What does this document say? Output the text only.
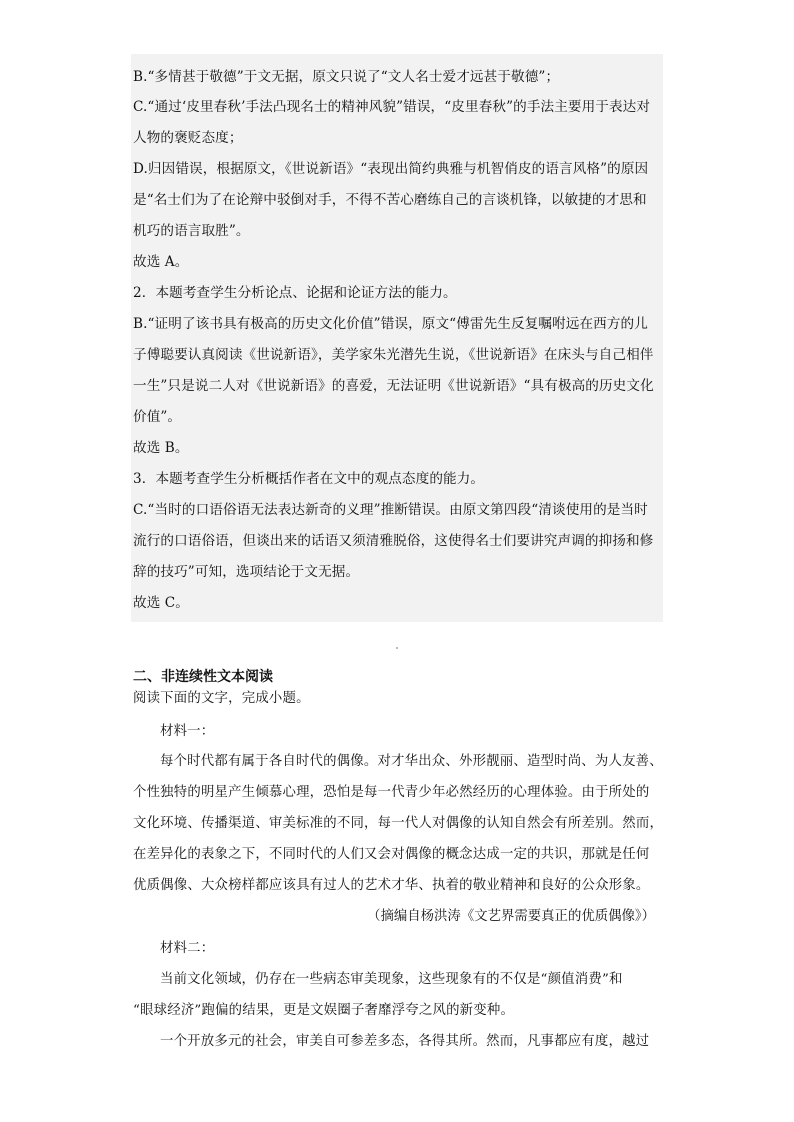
B.“多情甚于敬德”于文无据，原文只说了“文人名士爱才远甚于敬德”；
C.“通过‘皮里春秋’手法凸现名士的精神风貌”错误，“皮里春秋”的手法主要用于表达对
人物的褒贬态度；
D.归因错误，根据原文，《世说新语》“表现出简约典雅与机智俏皮的语言风格”的原因
是“名士们为了在论辩中驳倒对手，不得不苦心磨练自己的言谈机锋，以敏捷的才思和
机巧的语言取胜”。
故选 A。
2．本题考查学生分析论点、论据和论证方法的能力。
B.“证明了该书具有极高的历史文化价值”错误，原文“傅雷先生反复嘱咐远在西方的儿
子傅聪要认真阅读《世说新语》，美学家朱光潜先生说，《世说新语》在床头与自己相伴
一生”只是说二人对《世说新语》的喜爱，无法证明《世说新语》“具有极高的历史文化
价值”。
故选 B。
3．本题考查学生分析概括作者在文中的观点态度的能力。
C.“当时的口语俗语无法表达新奇的义理”推断错误。由原文第四段“清谈使用的是当时
流行的口语俗语，但谈出来的话语又须清雅脱俗，这使得名士们要讲究声调的抑扬和修
辞的技巧”可知，选项结论于文无据。
故选 C。
二、非连续性文本阅读
阅读下面的文字，完成小题。
材料一：
每个时代都有属于各自时代的偶像。对才华出众、外形靓丽、造型时尚、为人友善、
个性独特的明星产生倾慕心理，恐怕是每一代青少年必然经历的心理体验。由于所处的
文化环境、传播渠道、审美标准的不同，每一代人对偶像的认知自然会有所差别。然而，
在差异化的表象之下，不同时代的人们又会对偶像的概念达成一定的共识，那就是任何
优质偶像、大众榜样都应该具有过人的艺术才华、执着的敬业精神和良好的公众形象。
（摘编自杨洪涛《文艺界需要真正的优质偶像》）
材料二：
当前文化领域，仍存在一些病态审美现象，这些现象有的不仅是“颜值消费”和
“眼球经济”跑偏的结果，更是文娱圈子奢靡浮夸之风的新变种。
一个开放多元的社会，审美自可参差多态，各得其所。然而，凡事都应有度，越过
